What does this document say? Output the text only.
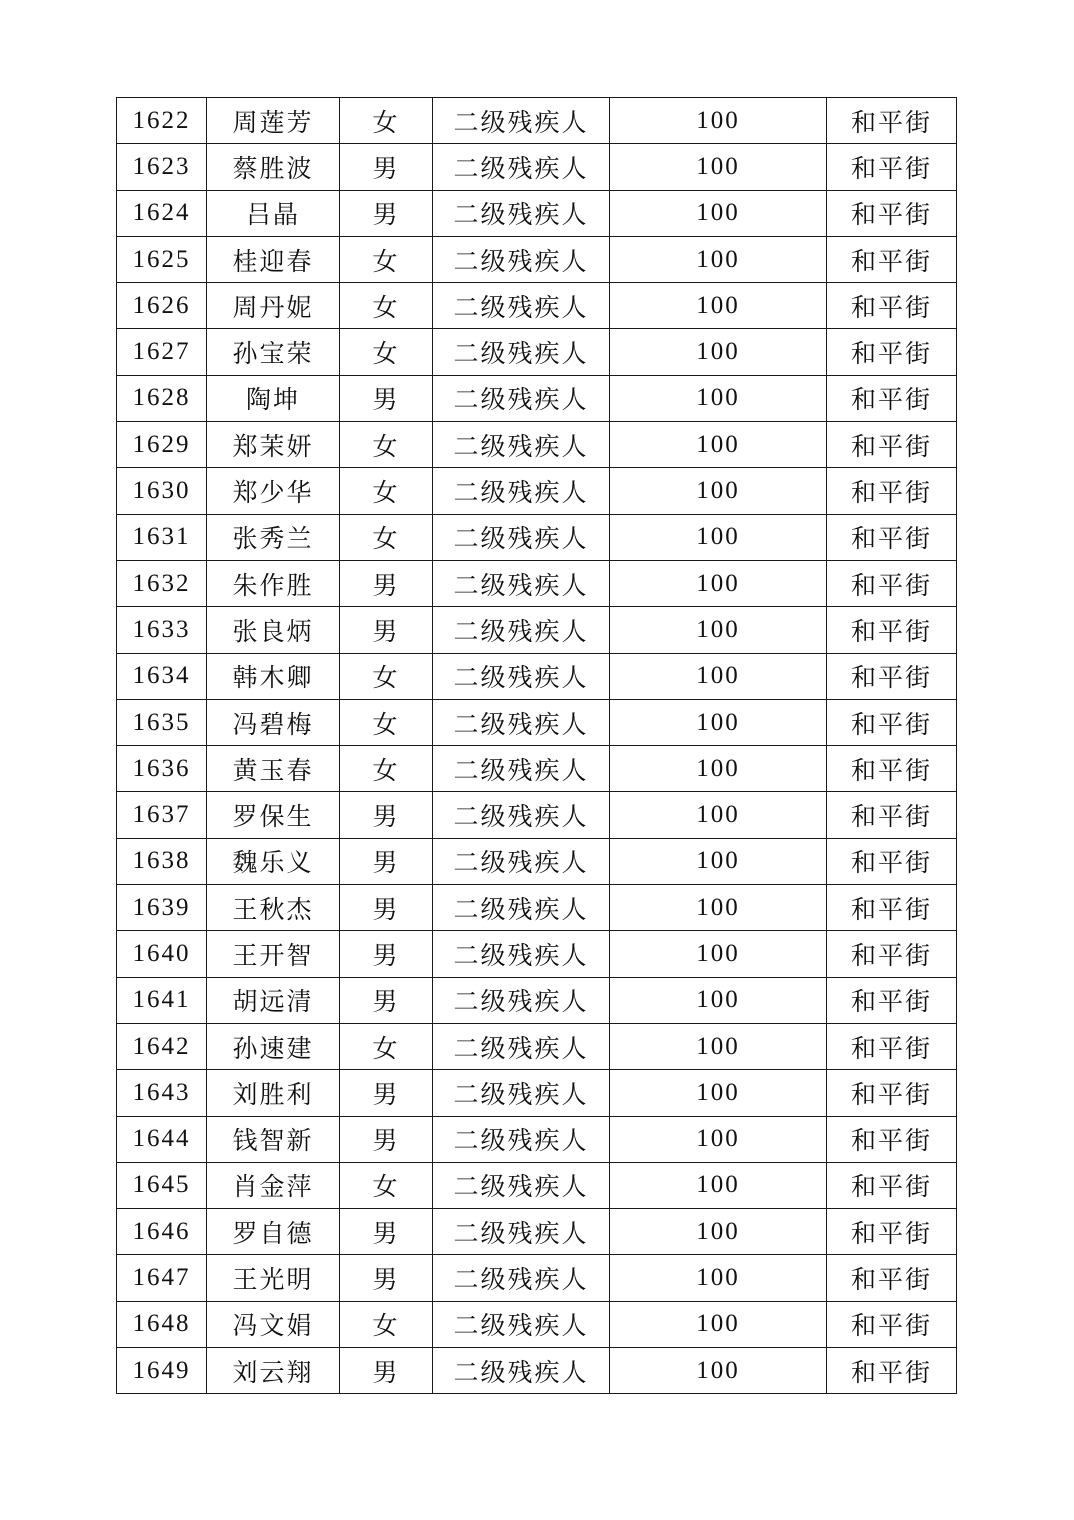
1622	周莲芳	女	二级残疾人	100	和平街
1623	蔡胜波	男	二级残疾人	100	和平街
1624	吕晶	男	二级残疾人	100	和平街
1625	桂迎春	女	二级残疾人	100	和平街
1626	周丹妮	女	二级残疾人	100	和平街
1627	孙宝荣	女	二级残疾人	100	和平街
1628	陶坤	男	二级残疾人	100	和平街
1629	郑茉妍	女	二级残疾人	100	和平街
1630	郑少华	女	二级残疾人	100	和平街
1631	张秀兰	女	二级残疾人	100	和平街
1632	朱作胜	男	二级残疾人	100	和平街
1633	张良炳	男	二级残疾人	100	和平街
1634	韩木卿	女	二级残疾人	100	和平街
1635	冯碧梅	女	二级残疾人	100	和平街
1636	黄玉春	女	二级残疾人	100	和平街
1637	罗保生	男	二级残疾人	100	和平街
1638	魏乐义	男	二级残疾人	100	和平街
1639	王秋杰	男	二级残疾人	100	和平街
1640	王开智	男	二级残疾人	100	和平街
1641	胡远清	男	二级残疾人	100	和平街
1642	孙速建	女	二级残疾人	100	和平街
1643	刘胜利	男	二级残疾人	100	和平街
1644	钱智新	男	二级残疾人	100	和平街
1645	肖金萍	女	二级残疾人	100	和平街
1646	罗自德	男	二级残疾人	100	和平街
1647	王光明	男	二级残疾人	100	和平街
1648	冯文娟	女	二级残疾人	100	和平街
1649	刘云翔	男	二级残疾人	100	和平街
